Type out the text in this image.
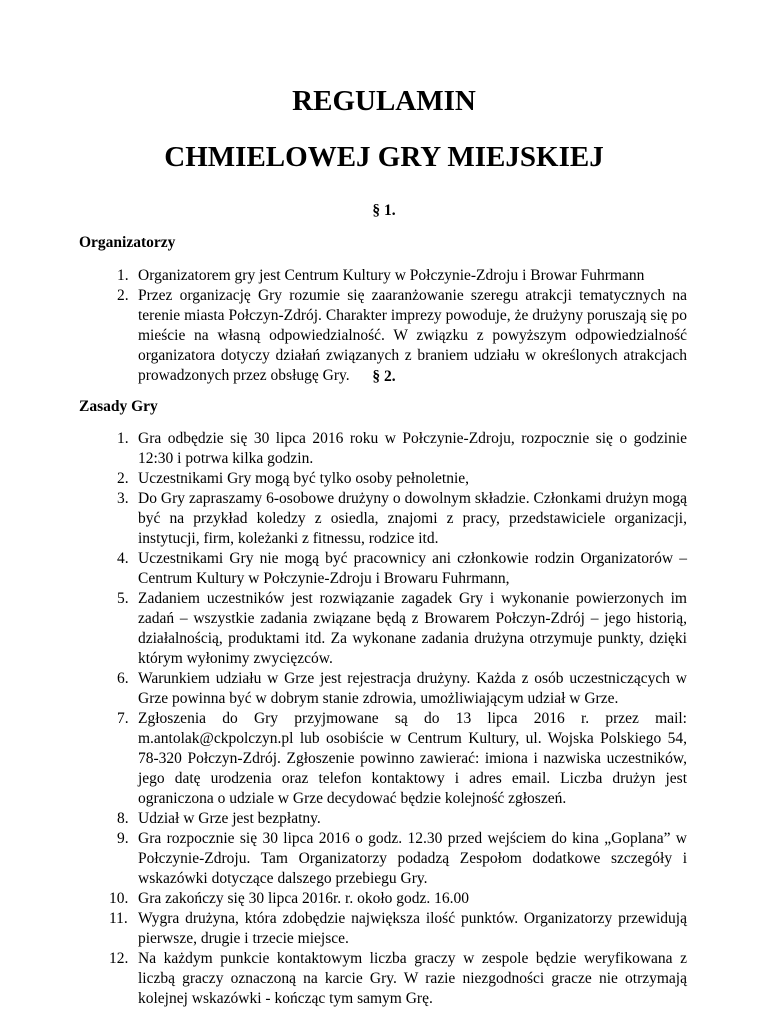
REGULAMIN
CHMIELOWEJ GRY MIEJSKIEJ

§ 1.

Organizatorzy

1. Organizatorem gry jest Centrum Kultury w Połczynie-Zdroju i Browar Fuhrmann
2. Przez organizację Gry rozumie się zaaranżowanie szeregu atrakcji tematycznych na terenie miasta Połczyn-Zdrój. Charakter imprezy powoduje, że drużyny poruszają się po mieście na własną odpowiedzialność. W związku z powyższym odpowiedzialność organizatora dotyczy działań związanych z braniem udziału w określonych atrakcjach prowadzonych przez obsługę Gry.	§ 2.

Zasady Gry

1. Gra odbędzie się 30 lipca 2016 roku w Połczynie-Zdroju, rozpocznie się o godzinie 12:30 i potrwa kilka godzin.
2. Uczestnikami Gry mogą być tylko osoby pełnoletnie,
3. Do Gry zapraszamy 6-osobowe drużyny o dowolnym składzie. Członkami drużyn mogą być na przykład koledzy z osiedla, znajomi z pracy, przedstawiciele organizacji, instytucji, firm, koleżanki z fitnessu, rodzice itd.
4. Uczestnikami Gry nie mogą być pracownicy ani członkowie rodzin Organizatorów – Centrum Kultury w Połczynie-Zdroju i Browaru Fuhrmann,
5. Zadaniem uczestników jest rozwiązanie zagadek Gry i wykonanie powierzonych im zadań – wszystkie zadania związane będą z Browarem Połczyn-Zdrój – jego historią, działalnością, produktami itd. Za wykonane zadania drużyna otrzymuje punkty, dzięki którym wyłonimy zwycięzców.
6. Warunkiem udziału w Grze jest rejestracja drużyny. Każda z osób uczestniczących w Grze powinna być w dobrym stanie zdrowia, umożliwiającym udział w Grze.
7. Zgłoszenia do Gry przyjmowane są do 13 lipca 2016 r. przez mail: m.antolak@ckpolczyn.pl lub osobiście w Centrum Kultury, ul. Wojska Polskiego 54, 78-320 Połczyn-Zdrój. Zgłoszenie powinno zawierać: imiona i nazwiska uczestników, jego datę urodzenia oraz telefon kontaktowy i adres email. Liczba drużyn jest ograniczona o udziale w Grze decydować będzie kolejność zgłoszeń.
8. Udział w Grze jest bezpłatny.
9. Gra rozpocznie się 30 lipca 2016 o godz. 12.30 przed wejściem do kina „Goplana” w Połczynie-Zdroju. Tam Organizatorzy podadzą Zespołom dodatkowe szczegóły i wskazówki dotyczące dalszego przebiegu Gry.
10. Gra zakończy się 30 lipca 2016r. r. około godz. 16.00
11. Wygra drużyna, która zdobędzie największa ilość punktów. Organizatorzy przewidują pierwsze, drugie i trzecie miejsce.
12. Na każdym punkcie kontaktowym liczba graczy w zespole będzie weryfikowana z liczbą graczy oznaczoną na karcie Gry. W razie niezgodności gracze nie otrzymają kolejnej wskazówki - kończąc tym samym Grę.
